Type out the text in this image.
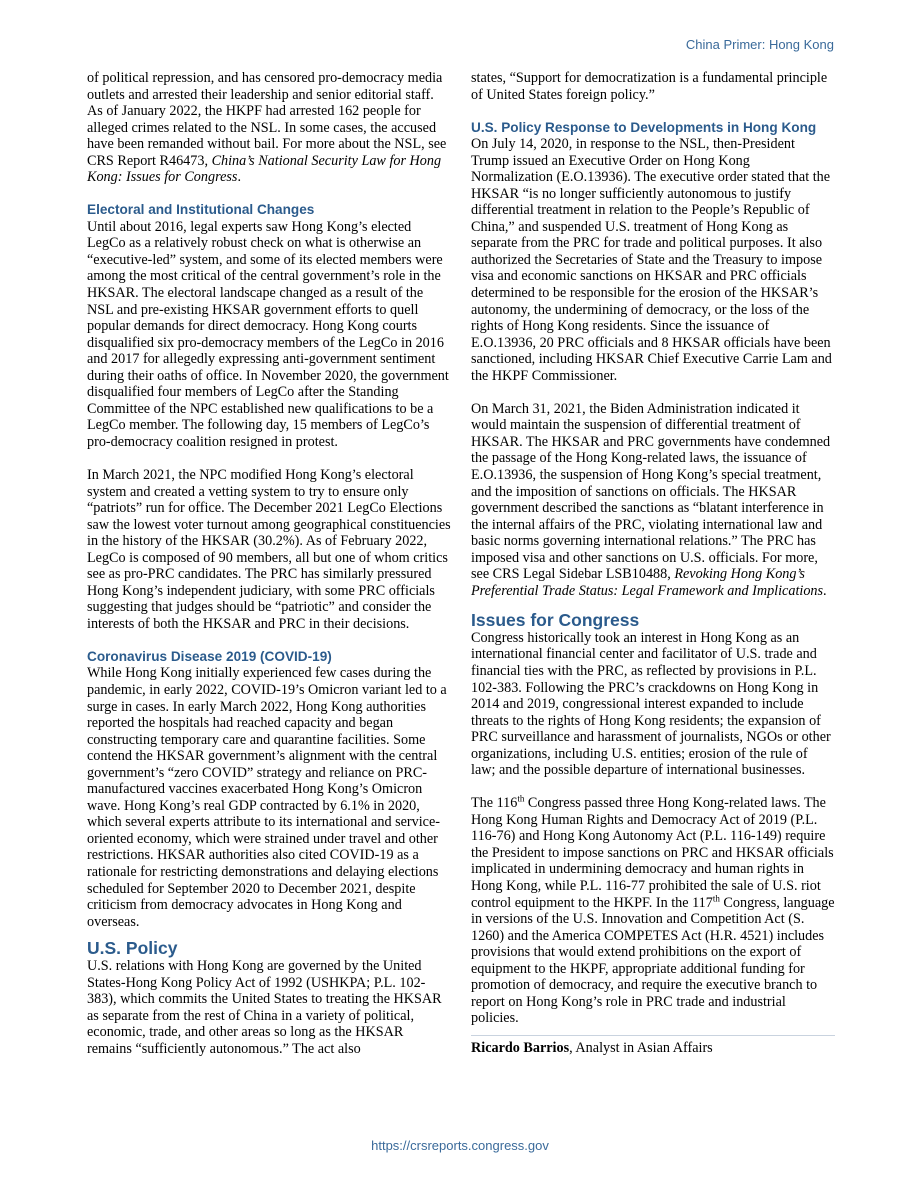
China Primer: Hong Kong

of political repression, and has censored pro-democracy media outlets and arrested their leadership and senior editorial staff. As of January 2022, the HKPF had arrested 162 people for alleged crimes related to the NSL. In some cases, the accused have been remanded without bail. For more about the NSL, see CRS Report R46473, China’s National Security Law for Hong Kong: Issues for Congress.

Electoral and Institutional Changes

Until about 2016, legal experts saw Hong Kong’s elected LegCo as a relatively robust check on what is otherwise an “executive-led” system, and some of its elected members were among the most critical of the central government’s role in the HKSAR. The electoral landscape changed as a result of the NSL and pre-existing HKSAR government efforts to quell popular demands for direct democracy. Hong Kong courts disqualified six pro-democracy members of the LegCo in 2016 and 2017 for allegedly expressing anti-government sentiment during their oaths of office. In November 2020, the government disqualified four members of LegCo after the Standing Committee of the NPC established new qualifications to be a LegCo member. The following day, 15 members of LegCo’s pro-democracy coalition resigned in protest.

In March 2021, the NPC modified Hong Kong’s electoral system and created a vetting system to try to ensure only “patriots” run for office. The December 2021 LegCo Elections saw the lowest voter turnout among geographical constituencies in the history of the HKSAR (30.2%). As of February 2022, LegCo is composed of 90 members, all but one of whom critics see as pro-PRC candidates. The PRC has similarly pressured Hong Kong’s independent judiciary, with some PRC officials suggesting that judges should be “patriotic” and consider the interests of both the HKSAR and PRC in their decisions.

Coronavirus Disease 2019 (COVID-19)

While Hong Kong initially experienced few cases during the pandemic, in early 2022, COVID-19’s Omicron variant led to a surge in cases. In early March 2022, Hong Kong authorities reported the hospitals had reached capacity and began constructing temporary care and quarantine facilities. Some contend the HKSAR government’s alignment with the central government’s “zero COVID” strategy and reliance on PRC-manufactured vaccines exacerbated Hong Kong’s Omicron wave. Hong Kong’s real GDP contracted by 6.1% in 2020, which several experts attribute to its international and service-oriented economy, which were strained under travel and other restrictions. HKSAR authorities also cited COVID-19 as a rationale for restricting demonstrations and delaying elections scheduled for September 2020 to December 2021, despite criticism from democracy advocates in Hong Kong and overseas.

U.S. Policy

U.S. relations with Hong Kong are governed by the United States-Hong Kong Policy Act of 1992 (USHKPA; P.L. 102-383), which commits the United States to treating the HKSAR as separate from the rest of China in a variety of political, economic, trade, and other areas so long as the HKSAR remains “sufficiently autonomous.” The act also

states, “Support for democratization is a fundamental principle of United States foreign policy.”

U.S. Policy Response to Developments in Hong Kong

On July 14, 2020, in response to the NSL, then-President Trump issued an Executive Order on Hong Kong Normalization (E.O.13936). The executive order stated that the HKSAR “is no longer sufficiently autonomous to justify differential treatment in relation to the People’s Republic of China,” and suspended U.S. treatment of Hong Kong as separate from the PRC for trade and political purposes. It also authorized the Secretaries of State and the Treasury to impose visa and economic sanctions on HKSAR and PRC officials determined to be responsible for the erosion of the HKSAR’s autonomy, the undermining of democracy, or the loss of the rights of Hong Kong residents. Since the issuance of E.O.13936, 20 PRC officials and 8 HKSAR officials have been sanctioned, including HKSAR Chief Executive Carrie Lam and the HKPF Commissioner.

On March 31, 2021, the Biden Administration indicated it would maintain the suspension of differential treatment of HKSAR. The HKSAR and PRC governments have condemned the passage of the Hong Kong-related laws, the issuance of E.O.13936, the suspension of Hong Kong’s special treatment, and the imposition of sanctions on officials. The HKSAR government described the sanctions as “blatant interference in the internal affairs of the PRC, violating international law and basic norms governing international relations.” The PRC has imposed visa and other sanctions on U.S. officials. For more, see CRS Legal Sidebar LSB10488, Revoking Hong Kong’s Preferential Trade Status: Legal Framework and Implications.

Issues for Congress

Congress historically took an interest in Hong Kong as an international financial center and facilitator of U.S. trade and financial ties with the PRC, as reflected by provisions in P.L. 102-383. Following the PRC’s crackdowns on Hong Kong in 2014 and 2019, congressional interest expanded to include threats to the rights of Hong Kong residents; the expansion of PRC surveillance and harassment of journalists, NGOs or other organizations, including U.S. entities; erosion of the rule of law; and the possible departure of international businesses.

The 116th Congress passed three Hong Kong-related laws. The Hong Kong Human Rights and Democracy Act of 2019 (P.L. 116-76) and Hong Kong Autonomy Act (P.L. 116-149) require the President to impose sanctions on PRC and HKSAR officials implicated in undermining democracy and human rights in Hong Kong, while P.L. 116-77 prohibited the sale of U.S. riot control equipment to the HKPF. In the 117th Congress, language in versions of the U.S. Innovation and Competition Act (S. 1260) and the America COMPETES Act (H.R. 4521) includes provisions that would extend prohibitions on the export of equipment to the HKPF, appropriate additional funding for promotion of democracy, and require the executive branch to report on Hong Kong’s role in PRC trade and industrial policies.

Ricardo Barrios, Analyst in Asian Affairs
https://crsreports.congress.gov
